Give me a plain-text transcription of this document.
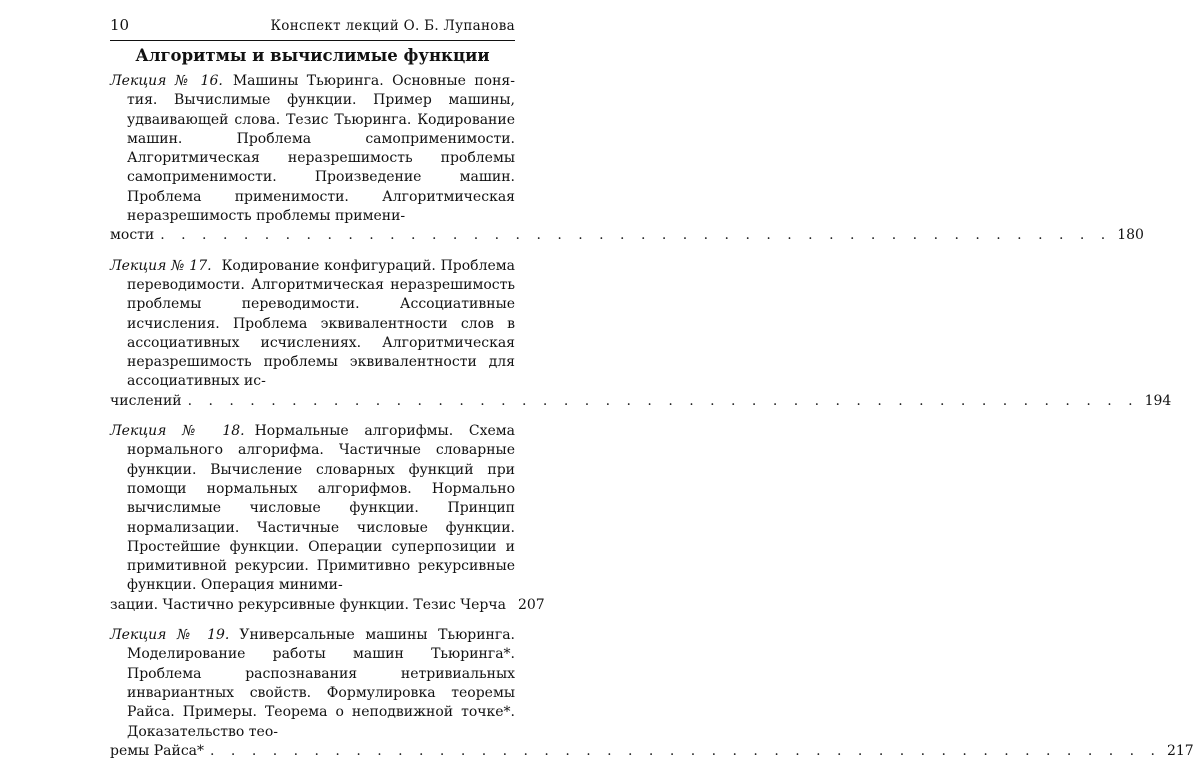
10	Конспект лекций О. Б. Лупанова
Алгоритмы и вычислимые функции
Лекция № 16. Машины Тьюринга. Основные понятия. Вычислимые функции. Пример машины, удваивающей слова. Тезис Тьюринга. Кодирование машин. Проблема самоприменимости. Алгоритмическая неразрешимость проблемы самоприменимости. Произведение машин. Проблема применимости. Алгоритмическая неразрешимость проблемы примени-
мости . . . . . . . . . . . . . . . . . . . . . . . . . . . . . . . . . . . . . . . . . . . . . . 180
Лекция № 17. Кодирование конфигураций. Проблема переводимости. Алгоритмическая неразрешимость проблемы переводимости. Ассоциативные исчисления. Проблема эквивалентности слов в ассоциативных исчислениях. Алгоритмическая неразрешимость проблемы эквивалентности для ассоциативных ис-
числений . . . . . . . . . . . . . . . . . . . . . . . . . . . . . . . . . . . . . . . . . . . . . . 194
Лекция № 18. Нормальные алгорифмы. Схема нормального алгорифма. Частичные словарные функции. Вычисление словарных функций при помощи нормальных алгорифмов. Нормально вычислимые числовые функции. Принцип нормализации. Частичные числовые функции. Простейшие функции. Операции суперпозиции и примитивной рекурсии. Примитивно рекурсивные функции. Операция миними-
зации. Частично рекурсивные функции. Тезис Черча 207
Лекция № 19. Универсальные машины Тьюринга. Моделирование работы машин Тьюринга*. Проблема распознавания нетривиальных инвариантных свойств. Формулировка теоремы Райса. Примеры. Теорема о неподвижной точке*. Доказательство тео-
ремы Райса* . . . . . . . . . . . . . . . . . . . . . . . . . . . . . . . . . . . . . . . . . . . . . . 217
